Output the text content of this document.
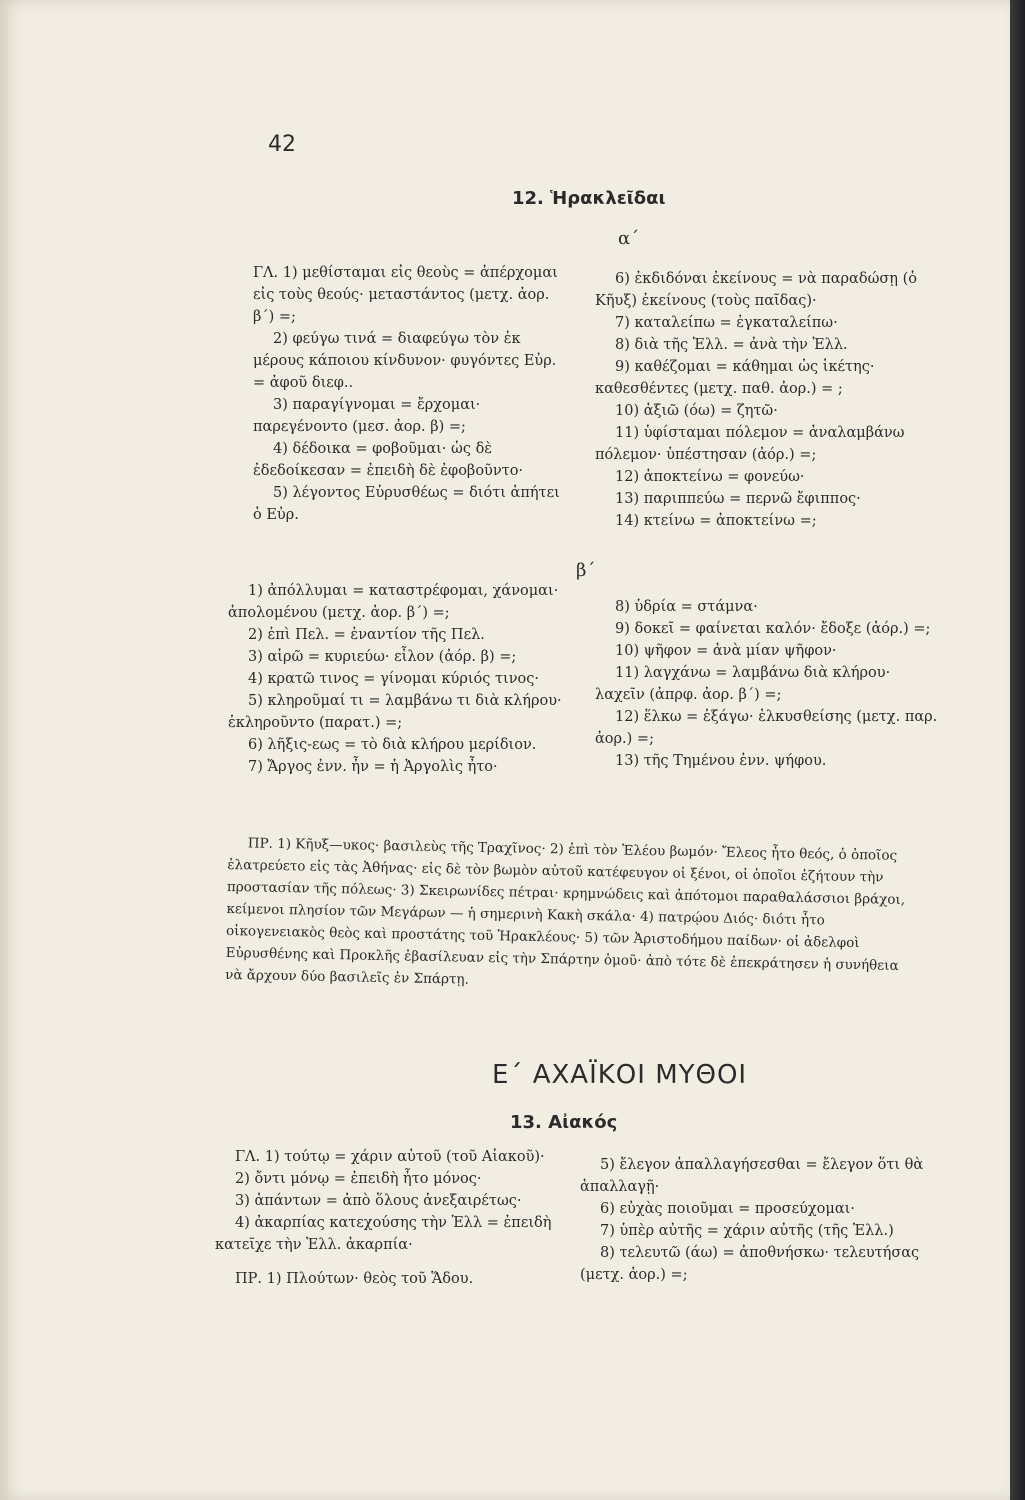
42
12. Ἡρακλεῖδαι
α΄

ΓΛ. 1) μεθίσταμαι εἰς θεοὺς = ἀπέρχομαι εἰς τοὺς θεούς· μεταστάντος (μετχ. ἀορ. β΄) =;

2) φεύγω τινά = διαφεύγω τὸν ἐκ μέρους κάποιου κίνδυνον· φυγόντες Εὐρ. = ἀφοῦ διεφ..

3) παραγίγνομαι = ἔρχομαι· παρεγένοντο (μεσ. ἀορ. β) =;

4) δέδοικα = φοβοῦμαι· ὡς δὲ ἐδεδοίκεσαν = ἐπειδὴ δὲ ἐφοβοῦντο·

5) λέγοντος Εὐρυσθέως = διότι ἀπήτει ὁ Εὐρ.

6) ἐκδιδόναι ἐκείνους = νὰ παραδώσῃ (ὁ Κῆυξ) ἐκείνους (τοὺς παῖδας)·

7) καταλείπω = ἐγκαταλείπω·

8) διὰ τῆς Ἑλλ. = ἀνὰ τὴν Ἑλλ.

9) καθέζομαι = κάθημαι ὡς ἱκέτης· καθεσθέντες (μετχ. παθ. ἀορ.) = ;

10) ἀξιῶ (όω) = ζητῶ·

11) ὑφίσταμαι πόλεμον = ἀναλαμβάνω πόλεμον· ὑπέστησαν (ἀόρ.) =;

12) ἀποκτείνω = φονεύω·

13) παριππεύω = περνῶ ἔφιππος·

14) κτείνω = ἀποκτείνω =;

β΄

1) ἀπόλλυμαι = καταστρέφομαι, χάνομαι· ἀπολομένου (μετχ. ἀορ. β΄) =;

2) ἐπὶ Πελ. = ἐναντίον τῆς Πελ.

3) αἱρῶ = κυριεύω· εἷλον (ἀόρ. β) =;

4) κρατῶ τινος = γίνομαι κύριός τινος·

5) κληροῦμαί τι = λαμβάνω τι διὰ κλήρου· ἐκληροῦντο (παρατ.) =;

6) λῆξις-εως = τὸ διὰ κλήρου μερίδιον.

7) Ἄργος ἐνν. ἦν = ἡ Ἀργολὶς ἦτο·

8) ὑδρία = στάμνα·

9) δοκεῖ = φαίνεται καλόν· ἔδοξε (ἀόρ.) =;

10) ψῆφον = ἀνὰ μίαν ψῆφον·

11) λαγχάνω = λαμβάνω διὰ κλήρου· λαχεῖν (ἀπρφ. ἀορ. β΄) =;

12) ἕλκω = ἐξάγω· ἑλκυσθείσης (μετχ. παρ. ἀορ.) =;

13) τῆς Τημένου ἐνν. ψήφου.

ΠΡ. 1) Κῆυξ—υκος· βασιλεὺς τῆς Τραχῖνος· 2) ἐπὶ τὸν Ἐλέου βωμόν· Ἔλεος ἦτο θεός, ὁ ὁποῖος ἐλατρεύετο εἰς τὰς Ἀθήνας· εἰς δὲ τὸν βωμὸν αὐτοῦ κατέφευγον οἱ ξένοι, οἱ ὁποῖοι ἐζήτουν τὴν προστασίαν τῆς πόλεως· 3) Σκειρωνίδες πέτραι· κρημνώδεις καὶ ἀπότομοι παραθαλάσσιοι βράχοι, κείμενοι πλησίον τῶν Μεγάρων — ἡ σημερινὴ Κακὴ σκάλα· 4) πατρῴου Διός· διότι ἦτο οἰκογενειακὸς θεὸς καὶ προστάτης τοῦ Ἡρακλέους· 5) τῶν Ἀριστοδήμου παίδων· οἱ ἀδελφοὶ Εὐρυσθένης καὶ Προκλῆς ἐβασίλευαν εἰς τὴν Σπάρτην ὁμοῦ· ἀπὸ τότε δὲ ἐπεκράτησεν ἡ συνήθεια νὰ ἄρχουν δύο βασιλεῖς ἐν Σπάρτῃ.

Ε΄ ΑΧΑΪΚΟΙ ΜΥΘΟΙ
13. Αἰακός

ΓΛ. 1) τούτῳ = χάριν αὐτοῦ (τοῦ Αἰακοῦ)·

2) ὄντι μόνῳ = ἐπειδὴ ἦτο μόνος·

3) ἁπάντων = ἀπὸ ὅλους ἀνεξαιρέτως·

4) ἀκαρπίας κατεχούσης τὴν Ἑλλ = ἐπειδὴ κατεῖχε τὴν Ἑλλ. ἀκαρπία·

ΠΡ. 1) Πλούτων· θεὸς τοῦ Ἅδου.

5) ἔλεγον ἀπαλλαγήσεσθαι = ἔλεγον ὅτι θὰ ἀπαλλαγῇ·

6) εὐχὰς ποιοῦμαι = προσεύχομαι·

7) ὑπὲρ αὐτῆς = χάριν αὐτῆς (τῆς Ἑλλ.)

8) τελευτῶ (άω) = ἀποθνήσκω· τελευτήσας (μετχ. ἀορ.) =;
